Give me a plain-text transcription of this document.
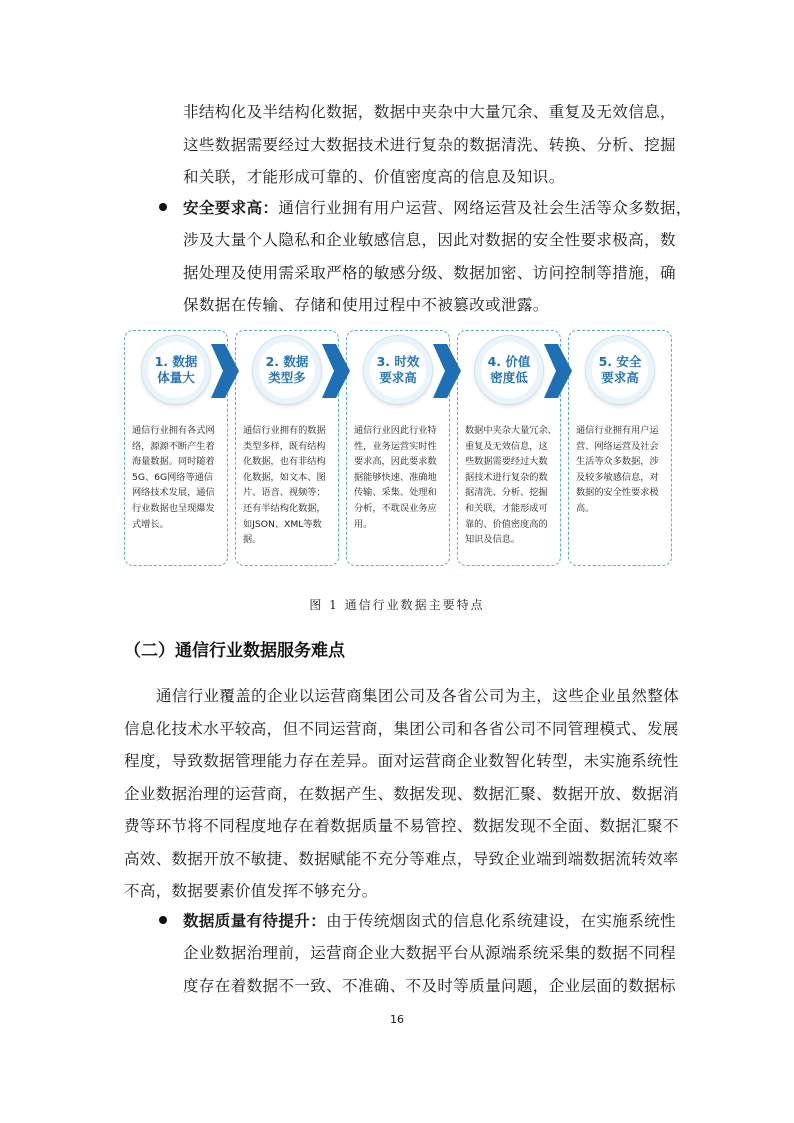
非结构化及半结构化数据，数据中夹杂中大量冗余、重复及无效信息，
这些数据需要经过大数据技术进行复杂的数据清洗、转换、分析、挖掘
和关联，才能形成可靠的、价值密度高的信息及知识。
安全要求高：通信行业拥有用户运营、网络运营及社会生活等众多数据，
涉及大量个人隐私和企业敏感信息，因此对数据的安全性要求极高，数
据处理及使用需采取严格的敏感分级、数据加密、访问控制等措施，确
保数据在传输、存储和使用过程中不被篡改或泄露。
1. 数据
体量大
通信行业拥有各式网
络，源源不断产生着
海量数据。同时随着
5G、6G网络等通信
网络技术发展，通信
行业数据也呈现爆发
式增长。
2. 数据
类型多
通信行业拥有的数据
类型多样，既有结构
化数据，也有非结构
化数据，如文本、图
片、语音、视频等；
还有半结构化数据，
如JSON、XML等数
据。
3. 时效
要求高
通信行业因此行业特
性，业务运营实时性
要求高，因此要求数
据能够快速、准确地
传输、采集、处理和
分析，不耽误业务应
用。
4. 价值
密度低
数据中夹杂大量冗余、
重复及无效信息，这
些数据需要经过大数
据技术进行复杂的数
据清洗、分析、挖掘
和关联，才能形成可
靠的、价值密度高的
知识及信息。
5. 安全
要求高
通信行业拥有用户运
营、网络运营及社会
生活等众多数据，涉
及较多敏感信息，对
数据的安全性要求极
高。
图 1 通信行业数据主要特点
（二）通信行业数据服务难点
通信行业覆盖的企业以运营商集团公司及各省公司为主，这些企业虽然整体
信息化技术水平较高，但不同运营商，集团公司和各省公司不同管理模式、发展
程度，导致数据管理能力存在差异。面对运营商企业数智化转型，未实施系统性
企业数据治理的运营商，在数据产生、数据发现、数据汇聚、数据开放、数据消
费等环节将不同程度地存在着数据质量不易管控、数据发现不全面、数据汇聚不
高效、数据开放不敏捷、数据赋能不充分等难点，导致企业端到端数据流转效率
不高，数据要素价值发挥不够充分。
数据质量有待提升：由于传统烟囱式的信息化系统建设，在实施系统性
企业数据治理前，运营商企业大数据平台从源端系统采集的数据不同程
度存在着数据不一致、不准确、不及时等质量问题，企业层面的数据标
16
